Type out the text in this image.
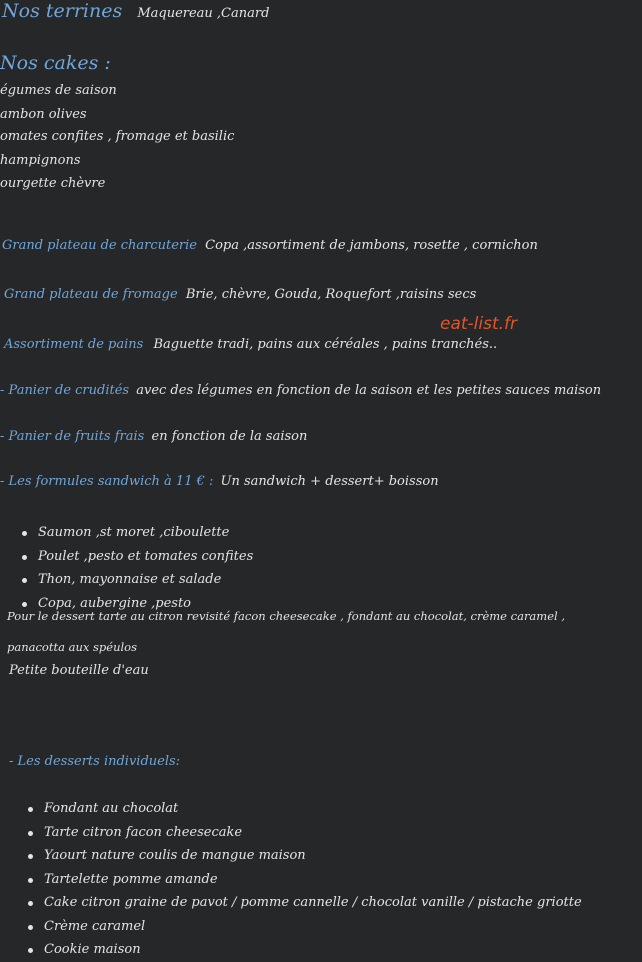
Nos terrines Maquereau ,Canard
Nos cakes :
égumes de saison
ambon olives
omates confites , fromage et basilic
hampignons
ourgette chèvre
Grand plateau de charcuterie Copa ,assortiment de jambons, rosette , cornichon
Grand plateau de fromage Brie, chèvre, Gouda, Roquefort ,raisins secs
Assortiment de pains Baguette tradi, pains aux céréales , pains tranchés..
- Panier de crudités avec des légumes en fonction de la saison et les petites sauces maison
- Panier de fruits frais en fonction de la saison
- Les formules sandwich à 11 € : Un sandwich + dessert+ boisson
Saumon ,st moret ,ciboulette
Poulet ,pesto et tomates confites
Thon, mayonnaise et salade
Copa, aubergine ,pesto
Pour le dessert tarte au citron revisité facon cheesecake , fondant au chocolat, crème caramel ,
panacotta aux spéulos
Petite bouteille d'eau
- Les desserts individuels:
Fondant au chocolat
Tarte citron facon cheesecake
Yaourt nature coulis de mangue maison
Tartelette pomme amande
Cake citron graine de pavot / pomme cannelle / chocolat vanille / pistache griotte
Crème caramel
Cookie maison
eat-list.fr
